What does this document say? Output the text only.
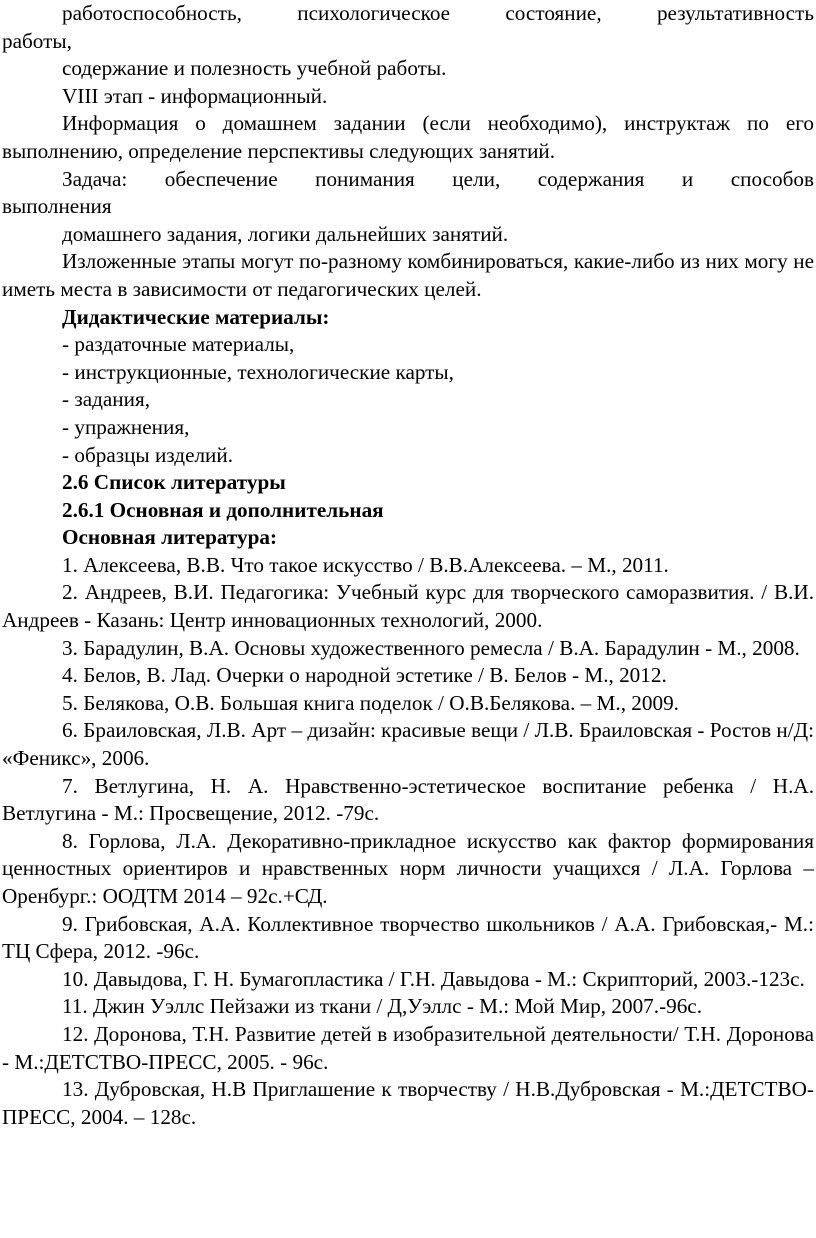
работоспособность, психологическое состояние, результативность

работы,

содержание и полезность учебной работы.

VIII этап - информационный.

Информация о домашнем задании (если необходимо), инструктаж по его выполнению, определение перспективы следующих занятий.

Задача: обеспечение понимания цели, содержания и способов

выполнения

домашнего задания, логики дальнейших занятий.

Изложенные этапы могут по-разному комбинироваться, какие-либо из них могу не иметь места в зависимости от педагогических целей.

Дидактические материалы:

- раздаточные материалы,

- инструкционные, технологические карты,

- задания,

- упражнения,

- образцы изделий.

2.6 Список литературы

2.6.1 Основная и дополнительная

Основная литература:

1. Алексеева, В.В. Что такое искусство / В.В.Алексеева. – М., 2011.

2. Андреев, В.И. Педагогика: Учебный курс для творческого саморазвития. / В.И. Андреев - Казань: Центр инновационных технологий, 2000.

3. Барадулин, В.А. Основы художественного ремесла / В.А. Барадулин - М., 2008.

4. Белов, В. Лад. Очерки о народной эстетике / В. Белов - М., 2012.

5. Белякова, О.В. Большая книга поделок / О.В.Белякова. – М., 2009.

6. Браиловская, Л.В. Арт – дизайн: красивые вещи / Л.В. Браиловская - Ростов н/Д: «Феникс», 2006.

7. Ветлугина, Н. А. Нравственно-эстетическое воспитание ребенка / Н.А. Ветлугина - М.: Просвещение, 2012. -79с.

8. Горлова, Л.А. Декоративно-прикладное искусство как фактор формирования ценностных ориентиров и нравственных норм личности учащихся / Л.А. Горлова – Оренбург.: ООДТМ 2014 – 92с.+СД.

9. Грибовская, А.А. Коллективное творчество школьников / А.А. Грибовская,- М.: ТЦ Сфера, 2012. -96с.

10. Давыдова, Г. Н. Бумагопластика / Г.Н. Давыдова - М.: Скрипторий, 2003.-123с.

11. Джин Уэллс Пейзажи из ткани / Д,Уэллс - М.: Мой Мир, 2007.-96с.

12. Доронова, Т.Н. Развитие детей в изобразительной деятельности/ Т.Н. Доронова - М.:ДЕТСТВО-ПРЕСС, 2005. - 96с.

13. Дубровская, Н.В Приглашение к творчеству / Н.В.Дубровская - М.:ДЕТСТВО-ПРЕСС, 2004. – 128с.
